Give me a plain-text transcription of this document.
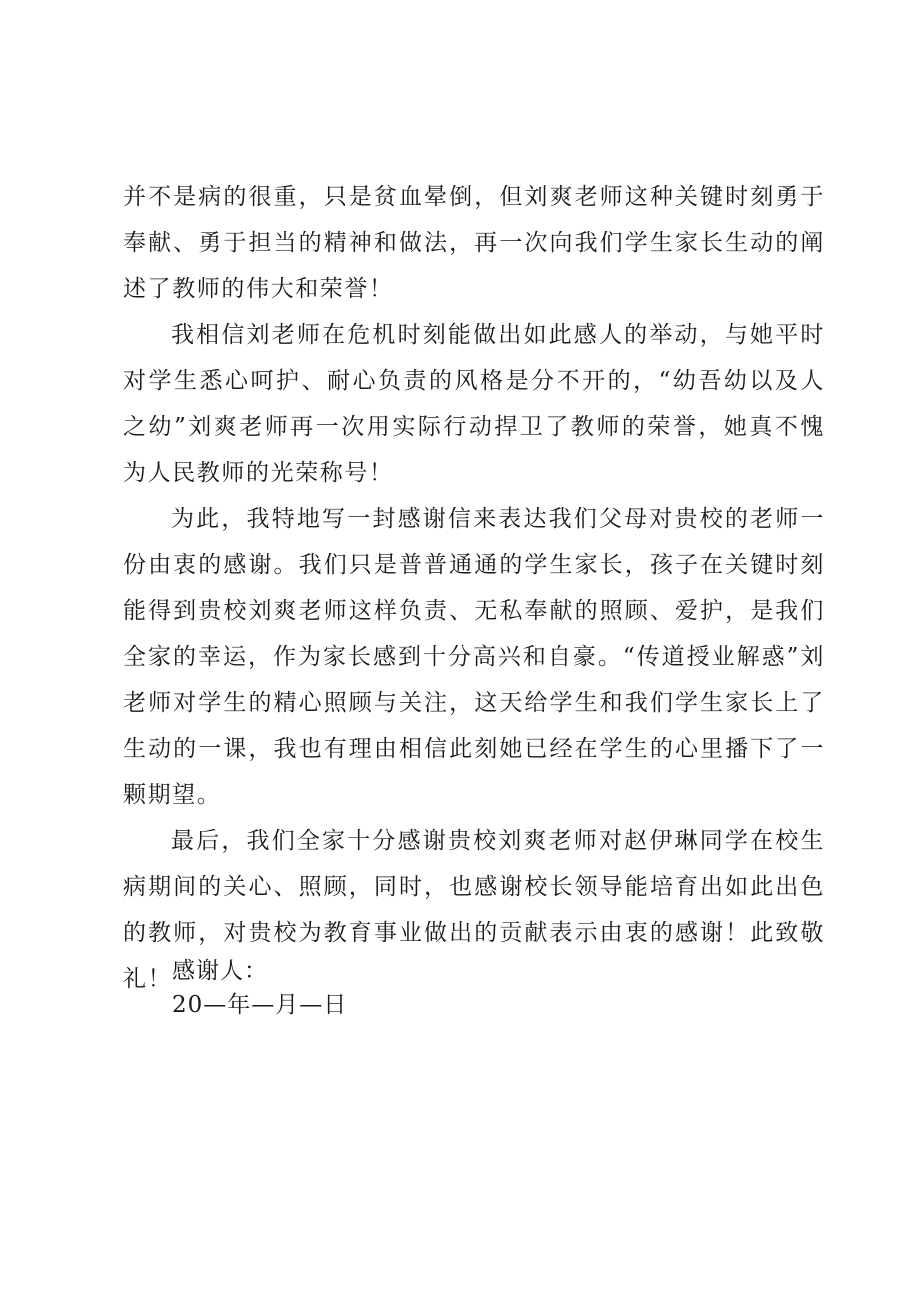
并不是病的很重，只是贫血晕倒，但刘爽老师这种关键时刻勇于奉献、勇于担当的精神和做法，再一次向我们学生家长生动的阐述了教师的伟大和荣誉！

我相信刘老师在危机时刻能做出如此感人的举动，与她平时对学生悉心呵护、耐心负责的风格是分不开的，“幼吾幼以及人之幼”刘爽老师再一次用实际行动捍卫了教师的荣誉，她真不愧为人民教师的光荣称号！

为此，我特地写一封感谢信来表达我们父母对贵校的老师一份由衷的感谢。我们只是普普通通的学生家长，孩子在关键时刻能得到贵校刘爽老师这样负责、无私奉献的照顾、爱护，是我们全家的幸运，作为家长感到十分高兴和自豪。“传道授业解惑”刘老师对学生的精心照顾与关注，这天给学生和我们学生家长上了生动的一课，我也有理由相信此刻她已经在学生的心里播下了一颗期望。

最后，我们全家十分感谢贵校刘爽老师对赵伊琳同学在校生病期间的关心、照顾，同时，也感谢校长领导能培育出如此出色的教师，对贵校为教育事业做出的贡献表示由衷的感谢！此致敬礼！ 感谢人：
20—年—月—日
